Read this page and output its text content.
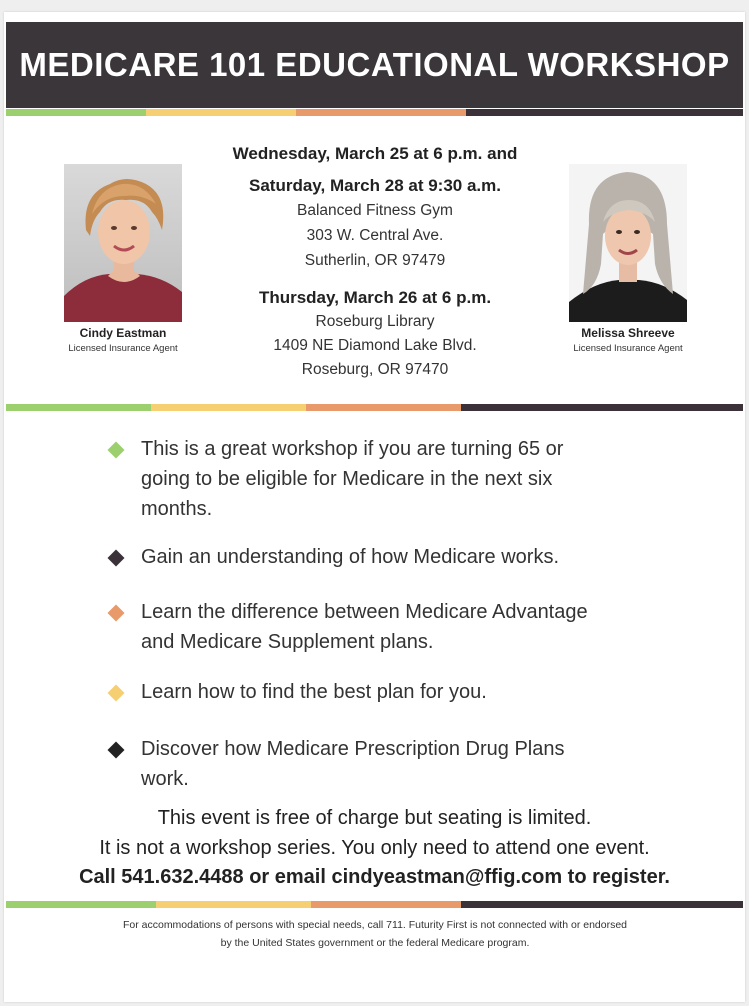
MEDICARE 101 EDUCATIONAL WORKSHOP
Cindy Eastman
Licensed Insurance Agent
Melissa Shreeve
Licensed Insurance Agent
Wednesday, March 25 at 6 p.m. and
Saturday, March 28 at 9:30 a.m.
Balanced Fitness Gym
303 W. Central Ave.
Sutherlin, OR 97479
Thursday, March 26 at 6 p.m.
Roseburg Library
1409 NE Diamond Lake Blvd.
Roseburg, OR 97470
This is a great workshop if you are turning 65 or
going to be eligible for Medicare in the next six
months.
Gain an understanding of how Medicare works.
Learn the difference between Medicare Advantage
and Medicare Supplement plans.
Learn how to find the best plan for you.
Discover how Medicare Prescription Drug Plans
work.
This event is free of charge but seating is limited.
It is not a workshop series. You only need to attend one event.
Call 541.632.4488 or email cindyeastman@ffig.com to register.
For accommodations of persons with special needs, call 711. Futurity First is not connected with or endorsed
by the United States government or the federal Medicare program.
